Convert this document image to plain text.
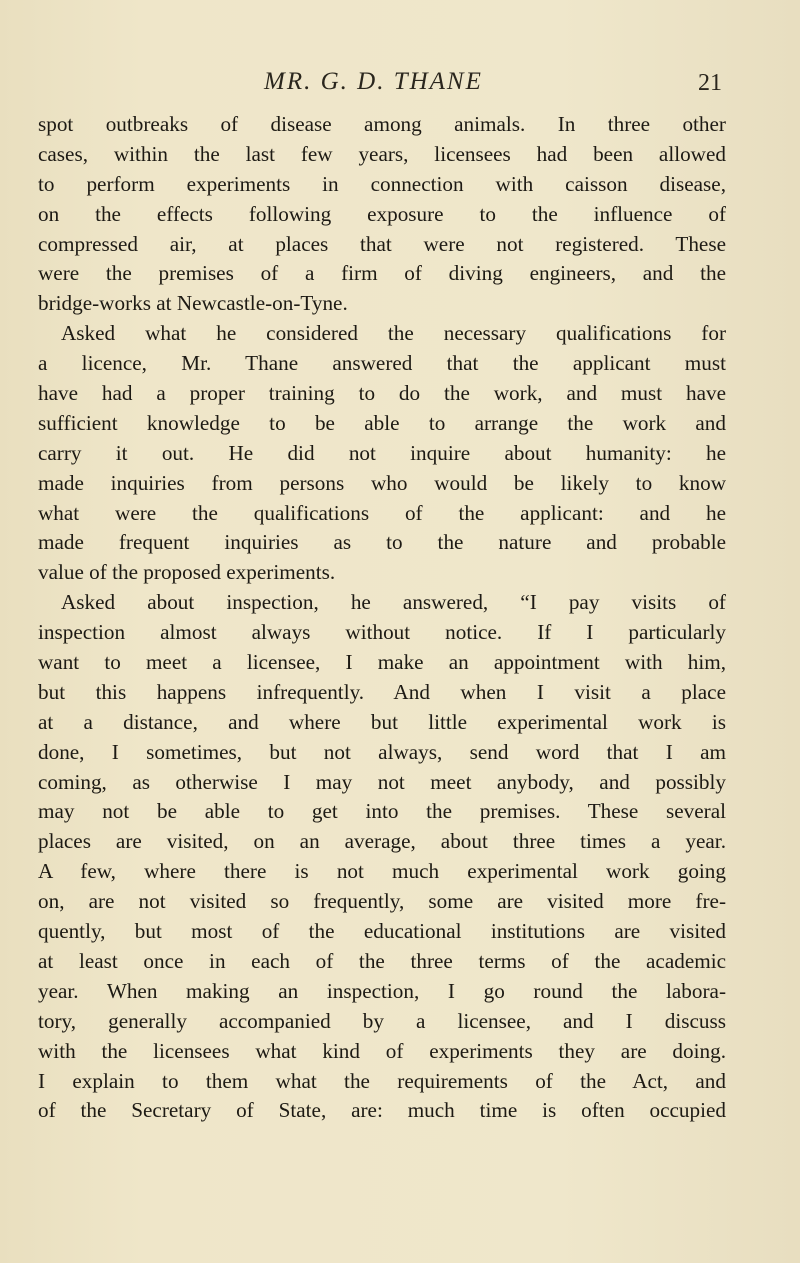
MR. G. D. THANE	21
spot outbreaks of disease among animals. In three other
cases, within the last few years, licensees had been allowed
to perform experiments in connection with caisson disease,
on the effects following exposure to the influence of
compressed air, at places that were not registered. These
were the premises of a firm of diving engineers, and the
bridge-works at Newcastle-on-Tyne.
Asked what he considered the necessary qualifications for
a licence, Mr. Thane answered that the applicant must
have had a proper training to do the work, and must have
sufficient knowledge to be able to arrange the work and
carry it out. He did not inquire about humanity: he
made inquiries from persons who would be likely to know
what were the qualifications of the applicant: and he
made frequent inquiries as to the nature and probable
value of the proposed experiments.
Asked about inspection, he answered, “I pay visits of
inspection almost always without notice. If I particularly
want to meet a licensee, I make an appointment with him,
but this happens infrequently. And when I visit a place
at a distance, and where but little experimental work is
done, I sometimes, but not always, send word that I am
coming, as otherwise I may not meet anybody, and possibly
may not be able to get into the premises. These several
places are visited, on an average, about three times a year.
A few, where there is not much experimental work going
on, are not visited so frequently, some are visited more fre-
quently, but most of the educational institutions are visited
at least once in each of the three terms of the academic
year. When making an inspection, I go round the labora-
tory, generally accompanied by a licensee, and I discuss
with the licensees what kind of experiments they are doing.
I explain to them what the requirements of the Act, and
of the Secretary of State, are: much time is often occupied
